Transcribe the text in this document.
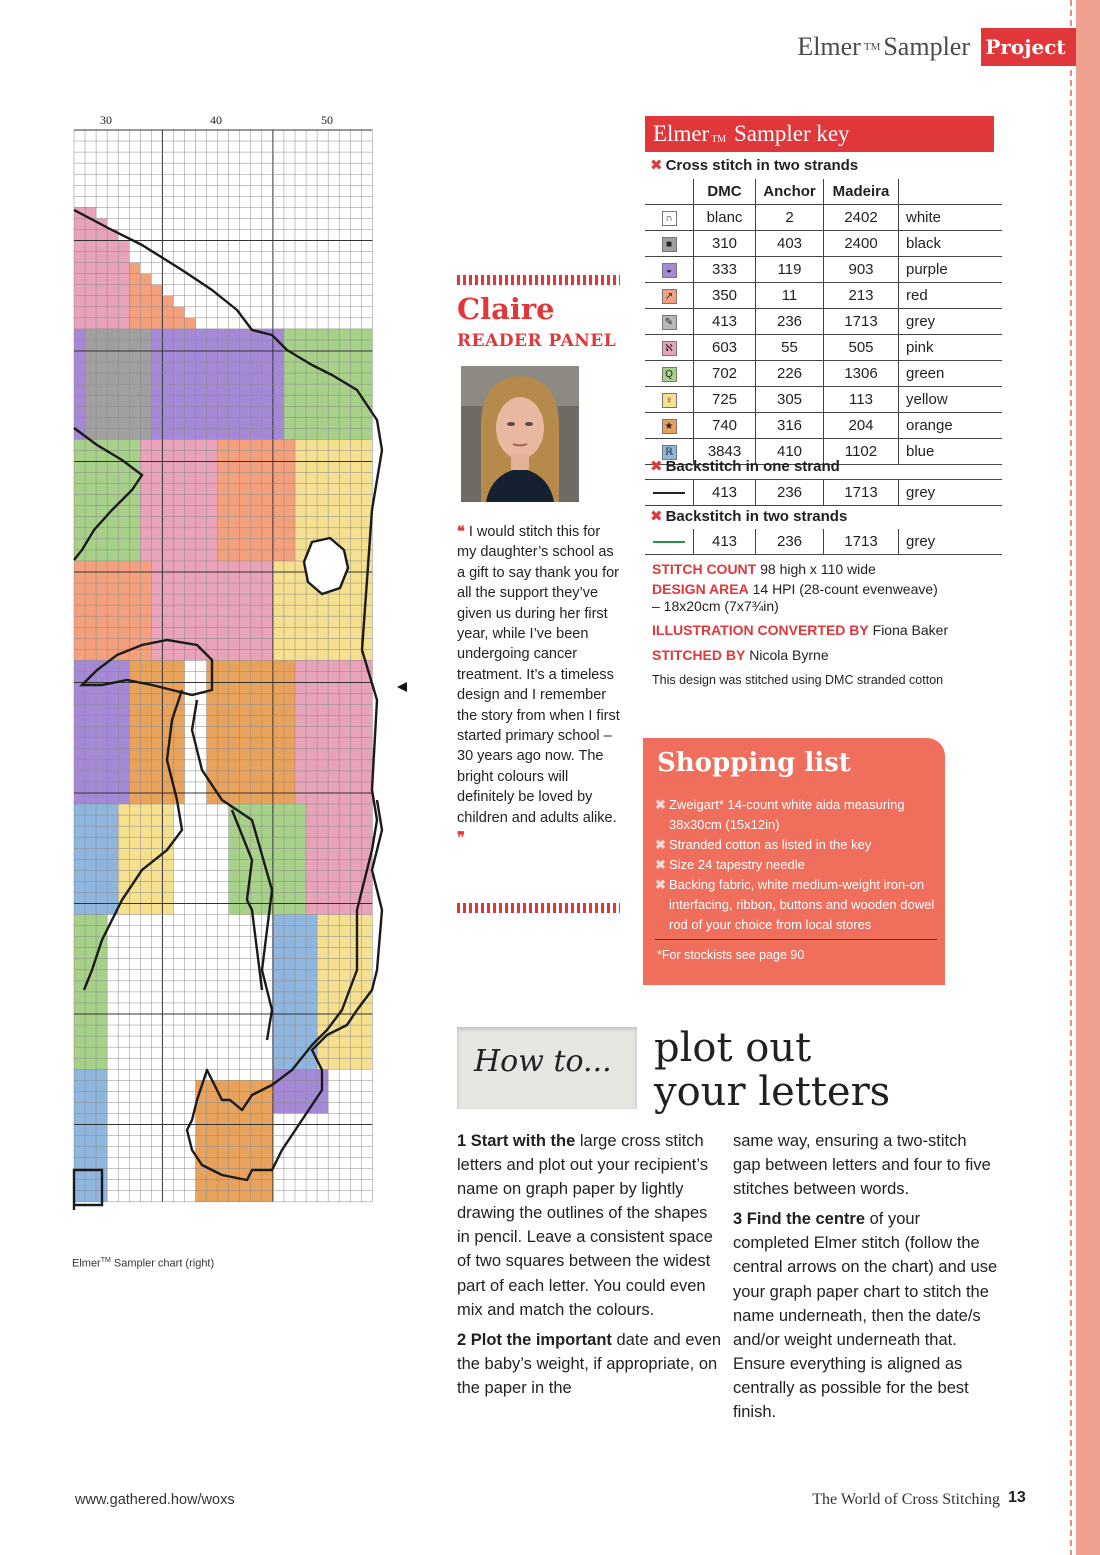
Elmer ™ Sampler Project
30	40	50
Elmer™ Sampler chart (right)
Elmer ™ Sampler key
✖ Cross stitch in two strands
	DMC	Anchor	Madeira	
∩	blanc	2	2402	white
■	310	403	2400	black
◒	333	119	903	purple
↗	350	11	213	red
✎	413	236	1713	grey
ℵ	603	55	505	pink
Q	702	226	1306	green
♀	725	305	113	yellow
★	740	316	204	orange
ℝ	3843	410	1102	blue
✖ Backstitch in one strand
	413	236	1713	grey
✖ Backstitch in two strands
	413	236	1713	grey
STITCH COUNT 98 high x 110 wide
DESIGN AREA 14 HPI (28-count evenweave)
– 18x20cm (7x7¾in)
ILLUSTRATION CONVERTED BY Fiona Baker
STITCHED BY Nicola Byrne
This design was stitched using DMC stranded cotton
Claire
READER PANEL
❝ I would stitch this for my daughter’s school as a gift to say thank you for all the support they’ve given us during her first year, while I’ve been undergoing cancer treatment. It’s a timeless design and I remember the story from when I first started primary school – 30 years ago now. The bright colours will definitely be loved by children and adults alike. ❞
Shopping list
✖ Zweigart* 14-count white aida measuring 38x30cm (15x12in)
✖ Stranded cotton as listed in the key
✖ Size 24 tapestry needle
✖ Backing fabric, white medium-weight iron-on interfacing, ribbon, buttons and wooden dowel rod of your choice from local stores
*For stockists see page 90
How to... plot out
your letters

1 Start with the large cross stitch letters and plot out your recipient’s name on graph paper by lightly drawing the outlines of the shapes in pencil. Leave a consistent space of two squares between the widest part of each letter. You could even mix and match the colours.

2 Plot the important date and even the baby’s weight, if appropriate, on the paper in the

same way, ensuring a two-stitch gap between letters and four to five stitches between words.

3 Find the centre of your completed Elmer stitch (follow the central arrows on the chart) and use your graph paper chart to stitch the name underneath, then the date/s and/or weight underneath that. Ensure everything is aligned as centrally as possible for the best finish.

www.gathered.how/woxs	The World of Cross Stitching 13
